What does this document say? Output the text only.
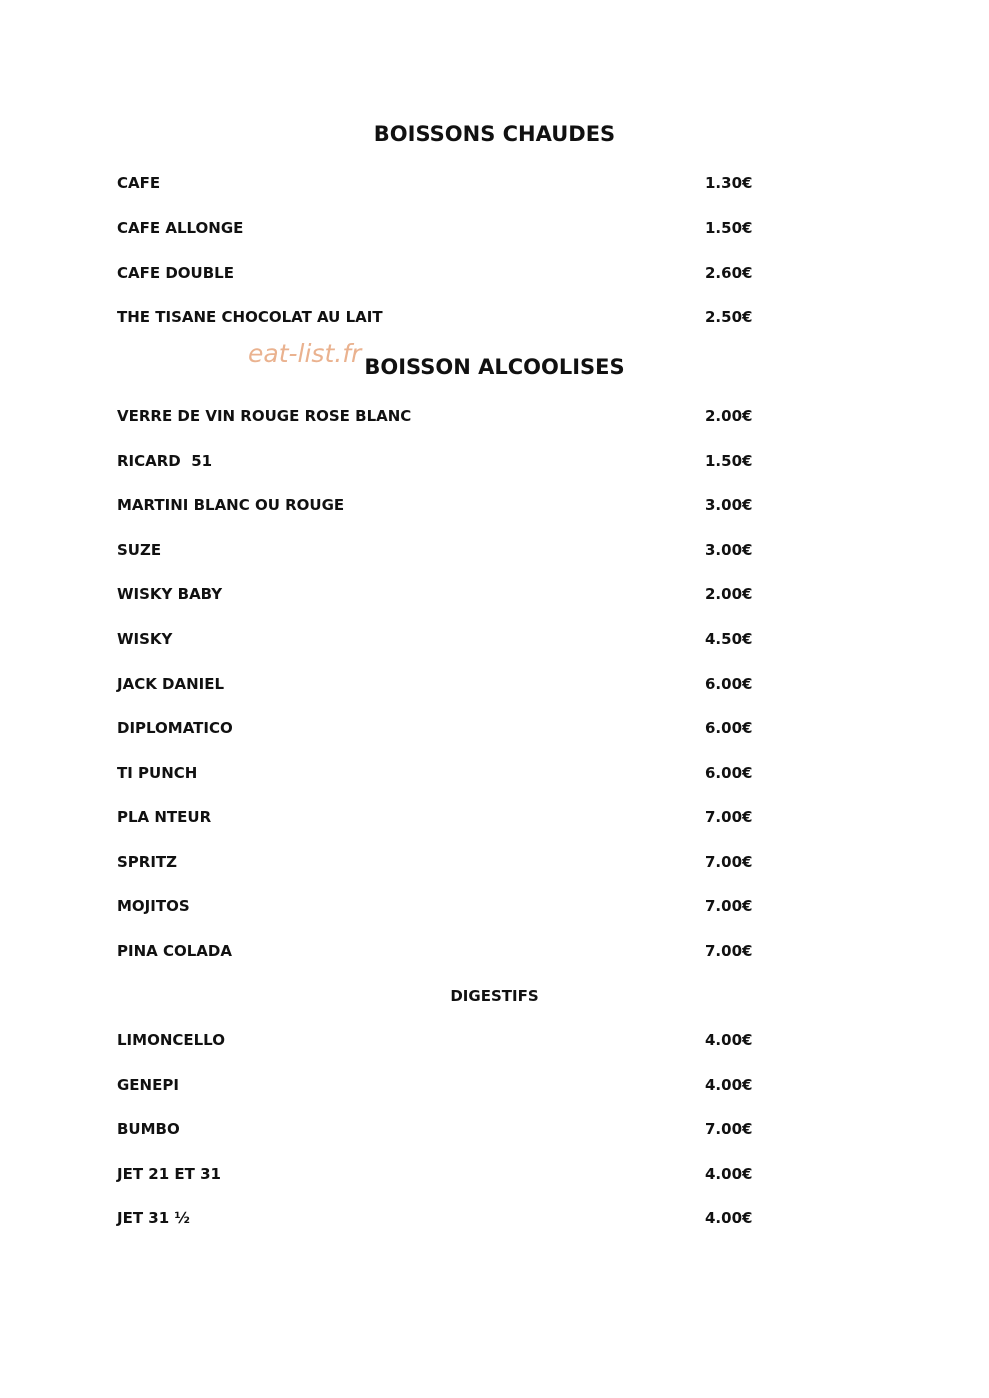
BOISSONS CHAUDES
CAFE	1.30€
CAFE ALLONGE	1.50€
CAFE DOUBLE	2.60€
THE TISANE CHOCOLAT AU LAIT	2.50€
eat-list.fr BOISSON ALCOOLISES
VERRE DE VIN ROUGE ROSE BLANC	2.00€
RICARD  51	1.50€
MARTINI BLANC OU ROUGE	3.00€
SUZE	3.00€
WISKY BABY	2.00€
WISKY	4.50€
JACK DANIEL	6.00€
DIPLOMATICO	6.00€
TI PUNCH	6.00€
PLA NTEUR	7.00€
SPRITZ	7.00€
MOJITOS	7.00€
PINA COLADA	7.00€
DIGESTIFS
LIMONCELLO	4.00€
GENEPI	4.00€
BUMBO	7.00€
JET 21 ET 31	4.00€
JET 31 ½	4.00€
